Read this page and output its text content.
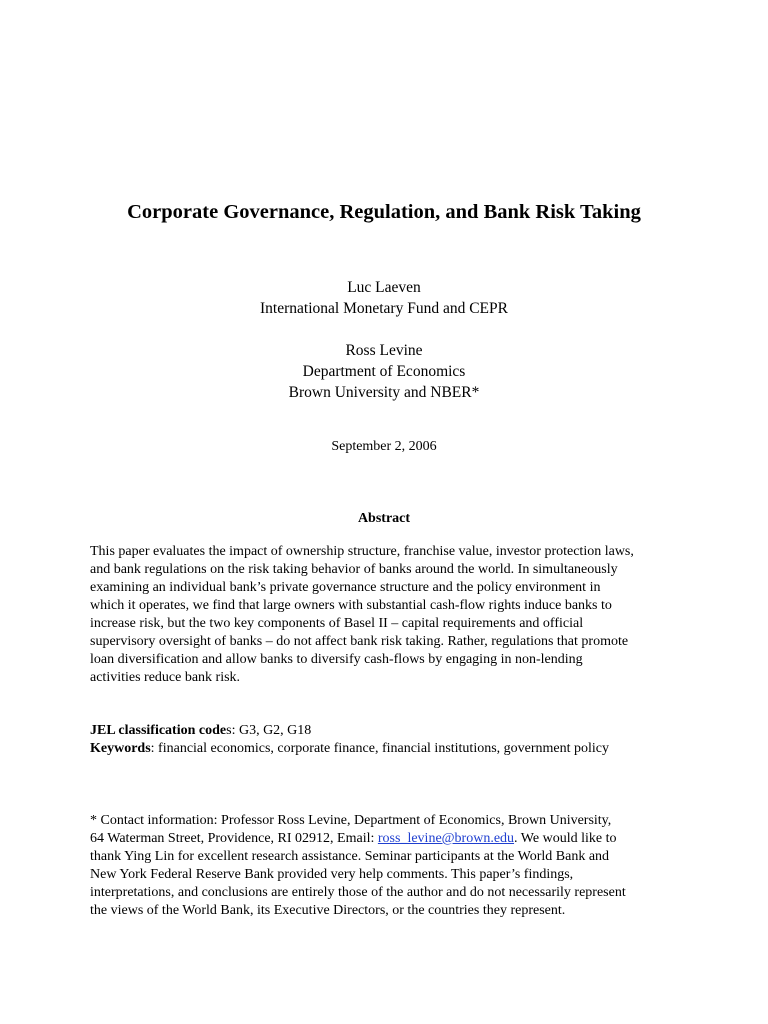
Corporate Governance, Regulation, and Bank Risk Taking
Luc Laeven
International Monetary Fund and CEPR
Ross Levine
Department of Economics
Brown University and NBER*
September 2, 2006
Abstract
This paper evaluates the impact of ownership structure, franchise value, investor protection laws,
and bank regulations on the risk taking behavior of banks around the world. In simultaneously
examining an individual bank’s private governance structure and the policy environment in
which it operates, we find that large owners with substantial cash-flow rights induce banks to
increase risk, but the two key components of Basel II – capital requirements and official
supervisory oversight of banks – do not affect bank risk taking. Rather, regulations that promote
loan diversification and allow banks to diversify cash-flows by engaging in non-lending
activities reduce bank risk.
JEL classification codes: G3, G2, G18
Keywords: financial economics, corporate finance, financial institutions, government policy
* Contact information: Professor Ross Levine, Department of Economics, Brown University,
64 Waterman Street, Providence, RI 02912, Email: ross_levine@brown.edu. We would like to
thank Ying Lin for excellent research assistance. Seminar participants at the World Bank and
New York Federal Reserve Bank provided very help comments. This paper’s findings,
interpretations, and conclusions are entirely those of the author and do not necessarily represent
the views of the World Bank, its Executive Directors, or the countries they represent.
